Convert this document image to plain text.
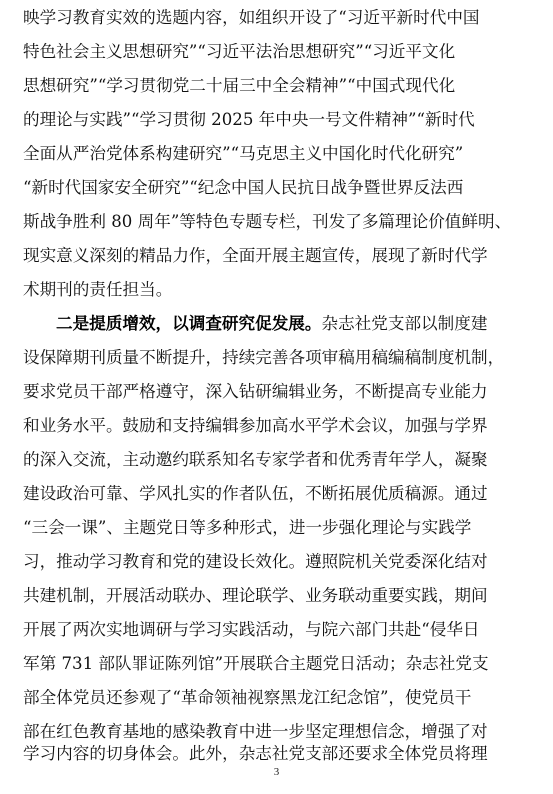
映学习教育实效的选题内容，如组织开设了“习近平新时代中国
特色社会主义思想研究”“习近平法治思想研究”“习近平文化
思想研究”“学习贯彻党二十届三中全会精神”“中国式现代化
的理论与实践”“学习贯彻 2025 年中央一号文件精神”“新时代
全面从严治党体系构建研究”“马克思主义中国化时代化研究”
“新时代国家安全研究”“纪念中国人民抗日战争暨世界反法西
斯战争胜利 80 周年”等特色专题专栏，刊发了多篇理论价值鲜明、
现实意义深刻的精品力作，全面开展主题宣传，展现了新时代学
术期刊的责任担当。
二是提质增效，以调查研究促发展。杂志社党支部以制度建
设保障期刊质量不断提升，持续完善各项审稿用稿编稿制度机制，
要求党员干部严格遵守，深入钻研编辑业务，不断提高专业能力
和业务水平。鼓励和支持编辑参加高水平学术会议，加强与学界
的深入交流，主动邀约联系知名专家学者和优秀青年学人，凝聚
建设政治可靠、学风扎实的作者队伍，不断拓展优质稿源。通过
“三会一课”、主题党日等多种形式，进一步强化理论与实践学
习，推动学习教育和党的建设长效化。遵照院机关党委深化结对
共建机制，开展活动联办、理论联学、业务联动重要实践，期间
开展了两次实地调研与学习实践活动，与院六部门共赴“侵华日
军第 731 部队罪证陈列馆”开展联合主题党日活动；杂志社党支
部全体党员还参观了“革命领袖视察黑龙江纪念馆”，使党员干
部在红色教育基地的感染教育中进一步坚定理想信念，增强了对
学习内容的切身体会。此外，杂志社党支部还要求全体党员将理
3
